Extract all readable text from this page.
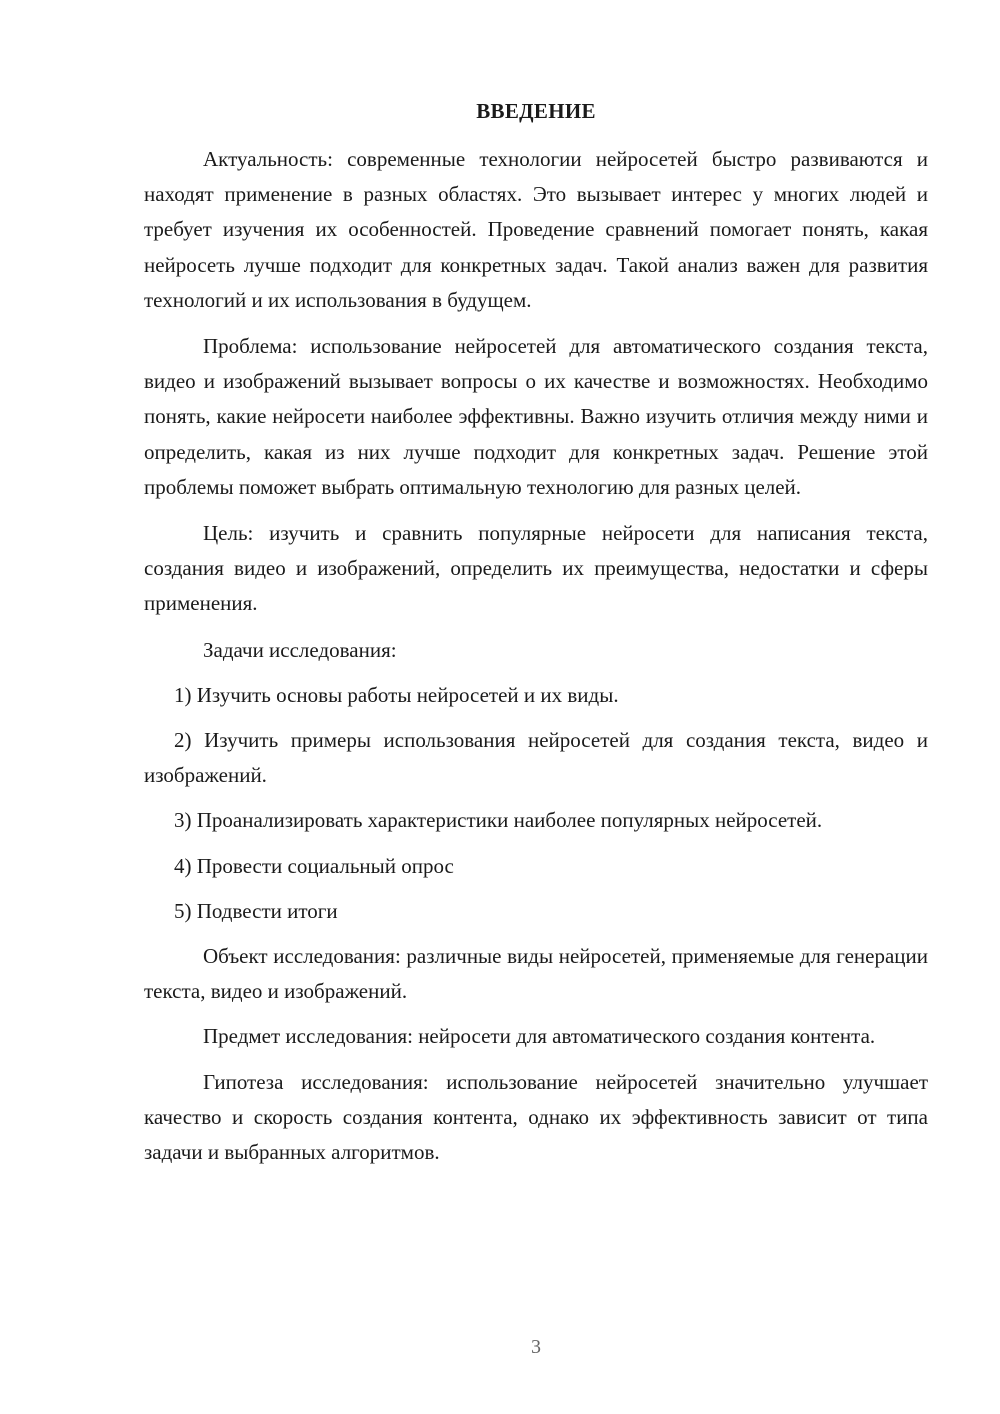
ВВЕДЕНИЕ

Актуальность: современные технологии нейросетей быстро развиваются и находят применение в разных областях. Это вызывает интерес у многих людей и требует изучения их особенностей. Проведение сравнений помогает понять, какая нейросеть лучше подходит для конкретных задач. Такой анализ важен для развития технологий и их использования в будущем.

Проблема: использование нейросетей для автоматического создания текста, видео и изображений вызывает вопросы о их качестве и возможностях. Необходимо понять, какие нейросети наиболее эффективны. Важно изучить отличия между ними и определить, какая из них лучше подходит для конкретных задач. Решение этой проблемы поможет выбрать оптимальную технологию для разных целей.

Цель: изучить и сравнить популярные нейросети для написания текста, создания видео и изображений, определить их преимущества, недостатки и сферы применения.

Задачи исследования:

1) Изучить основы работы нейросетей и их виды.

2) Изучить примеры использования нейросетей для создания текста, видео и изображений.

3) Проанализировать характеристики наиболее популярных нейросетей.

4) Провести социальный опрос

5) Подвести итоги

Объект исследования: различные виды нейросетей, применяемые для генерации текста, видео и изображений.

Предмет исследования: нейросети для автоматического создания контента.

Гипотеза исследования: использование нейросетей значительно улучшает качество и скорость создания контента, однако их эффективность зависит от типа задачи и выбранных алгоритмов.

3
